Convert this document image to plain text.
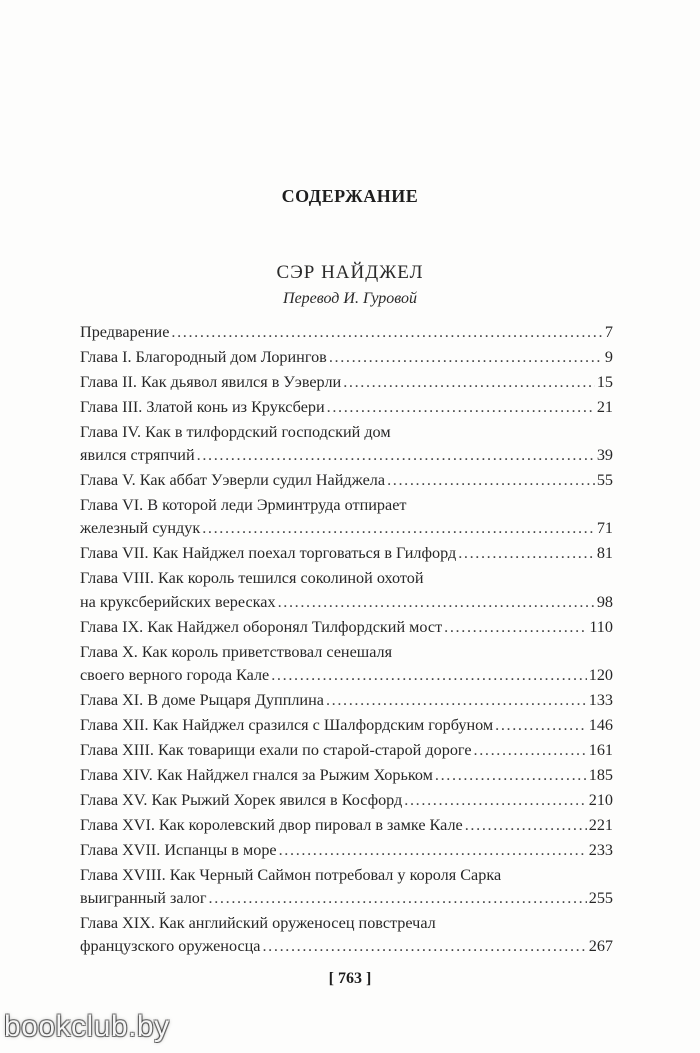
СОДЕРЖАНИЕ
СЭР НАЙДЖЕЛ
Перевод И. Гуровой
Предварение . . .	7
Глава I. Благородный дом Лорингов . . .	9
Глава II. Как дьявол явился в Уэверли . . .	15
Глава III. Златой конь из Круксбери . . .	21
Глава IV. Как в тилфордский господский дом
явился стряпчий . . .	39
Глава V. Как аббат Уэверли судил Найджела . . .	55
Глава VI. В которой леди Эрминтруда отпирает
железный сундук . . .	71
Глава VII. Как Найджел поехал торговаться в Гилфорд . . .	81
Глава VIII. Как король тешился соколиной охотой
на круксберийских вересках . . .	98
Глава IX. Как Найджел оборонял Тилфордский мост . . .	110
Глава X. Как король приветствовал сенешаля
своего верного города Кале . . .	120
Глава XI. В доме Рыцаря Дупплина . . .	133
Глава XII. Как Найджел сразился с Шалфордским горбуном . . .	146
Глава XIII. Как товарищи ехали по старой-старой дороге . . .	161
Глава XIV. Как Найджел гнался за Рыжим Хорьком . . .	185
Глава XV. Как Рыжий Хорек явился в Косфорд . . .	210
Глава XVI. Как королевский двор пировал в замке Кале . . .	221
Глава XVII. Испанцы в море . . .	233
Глава XVIII. Как Черный Саймон потребовал у короля Сарка
выигранный залог . . .	255
Глава XIX. Как английский оруженосец повстречал
французского оруженосца . . .	267
[ 763 ]
bookclub.by
